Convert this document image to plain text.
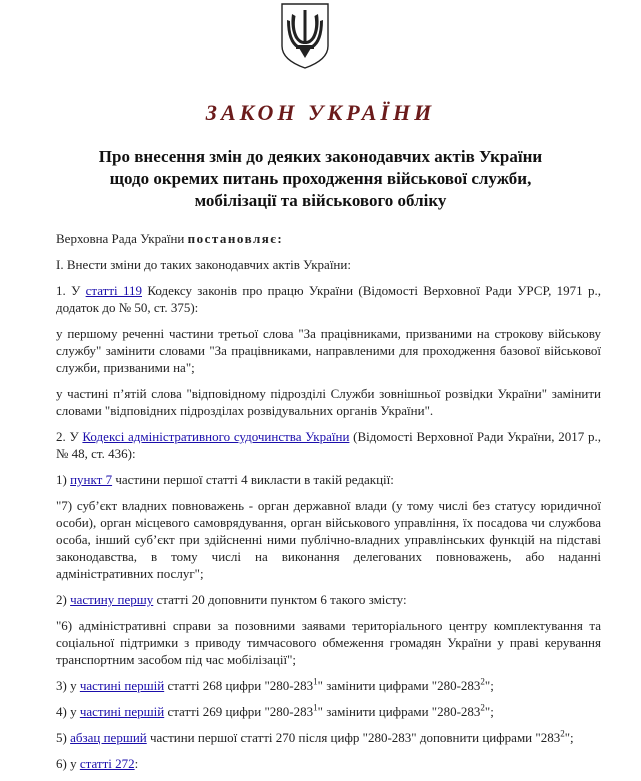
ЗАКОН УКРАЇНИ
Про внесення змін до деяких законодавчих актів України
щодо окремих питань проходження військової служби,
мобілізації та військового обліку

Верховна Рада України постановляє:

I. Внести зміни до таких законодавчих актів України:

1. У статті 119 Кодексу законів про працю України (Відомості Верховної Ради УРСР, 1971 р., додаток до № 50, ст. 375):

у першому реченні частини третьої слова "За працівниками, призваними на строкову військову службу" замінити словами "За працівниками, направленими для проходження базової військової служби, призваними на";

у частині п’ятій слова "відповідному підрозділі Служби зовнішньої розвідки України" замінити словами "відповідних підрозділах розвідувальних органів України".

2. У Кодексі адміністративного судочинства України (Відомості Верховної Ради України, 2017 р., № 48, ст. 436):

1) пункт 7 частини першої статті 4 викласти в такій редакції:

"7) суб’єкт владних повноважень - орган державної влади (у тому числі без статусу юридичної особи), орган місцевого самоврядування, орган військового управління, їх посадова чи службова особа, інший суб’єкт при здійсненні ними публічно-владних управлінських функцій на підставі законодавства, в тому числі на виконання делегованих повноважень, або наданні адміністративних послуг";

2) частину першу статті 20 доповнити пунктом 6 такого змісту:

"6) адміністративні справи за позовними заявами територіального центру комплектування та соціальної підтримки з приводу тимчасового обмеження громадян України у праві керування транспортним засобом під час мобілізації";

3) у частині першій статті 268 цифри "$280-283^1$" замінити цифрами "$280-283^2$";

4) у частині першій статті 269 цифри "$280-283^1$" замінити цифрами "$280-283^2$";

5) абзац перший частини першої статті 270 після цифр "280-283" доповнити цифрами "$283^2$";

6) у статті 272:
